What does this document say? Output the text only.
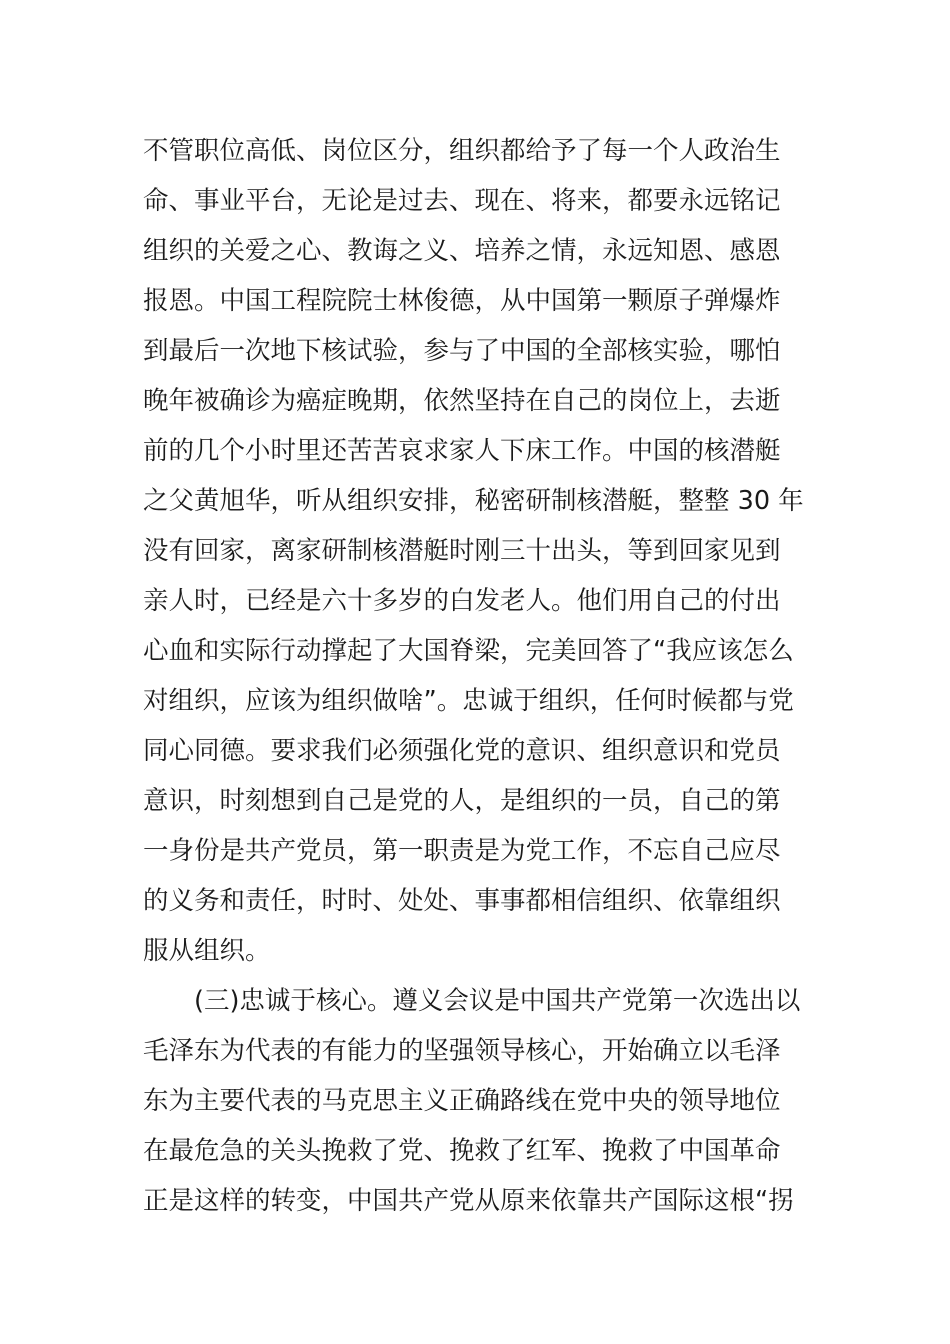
不管职位高低、岗位区分，组织都给予了每一个人政治生
命、事业平台，无论是过去、现在、将来，都要永远铭记
组织的关爱之心、教诲之义、培养之情，永远知恩、感恩
报恩。中国工程院院士林俊德，从中国第一颗原子弹爆炸
到最后一次地下核试验，参与了中国的全部核实验，哪怕
晚年被确诊为癌症晚期，依然坚持在自己的岗位上，去逝
前的几个小时里还苦苦哀求家人下床工作。中国的核潜艇
之父黄旭华，听从组织安排，秘密研制核潜艇，整整 30 年
没有回家，离家研制核潜艇时刚三十出头，等到回家见到
亲人时，已经是六十多岁的白发老人。他们用自己的付出
心血和实际行动撑起了大国脊梁，完美回答了“我应该怎么
对组织，应该为组织做啥”。忠诚于组织，任何时候都与党
同心同德。要求我们必须强化党的意识、组织意识和党员
意识，时刻想到自己是党的人，是组织的一员，自己的第
一身份是共产党员，第一职责是为党工作，不忘自己应尽
的义务和责任，时时、处处、事事都相信组织、依靠组织
服从组织。
(三)忠诚于核心。遵义会议是中国共产党第一次选出以
毛泽东为代表的有能力的坚强领导核心，开始确立以毛泽
东为主要代表的马克思主义正确路线在党中央的领导地位
在最危急的关头挽救了党、挽救了红军、挽救了中国革命
正是这样的转变，中国共产党从原来依靠共产国际这根“拐
